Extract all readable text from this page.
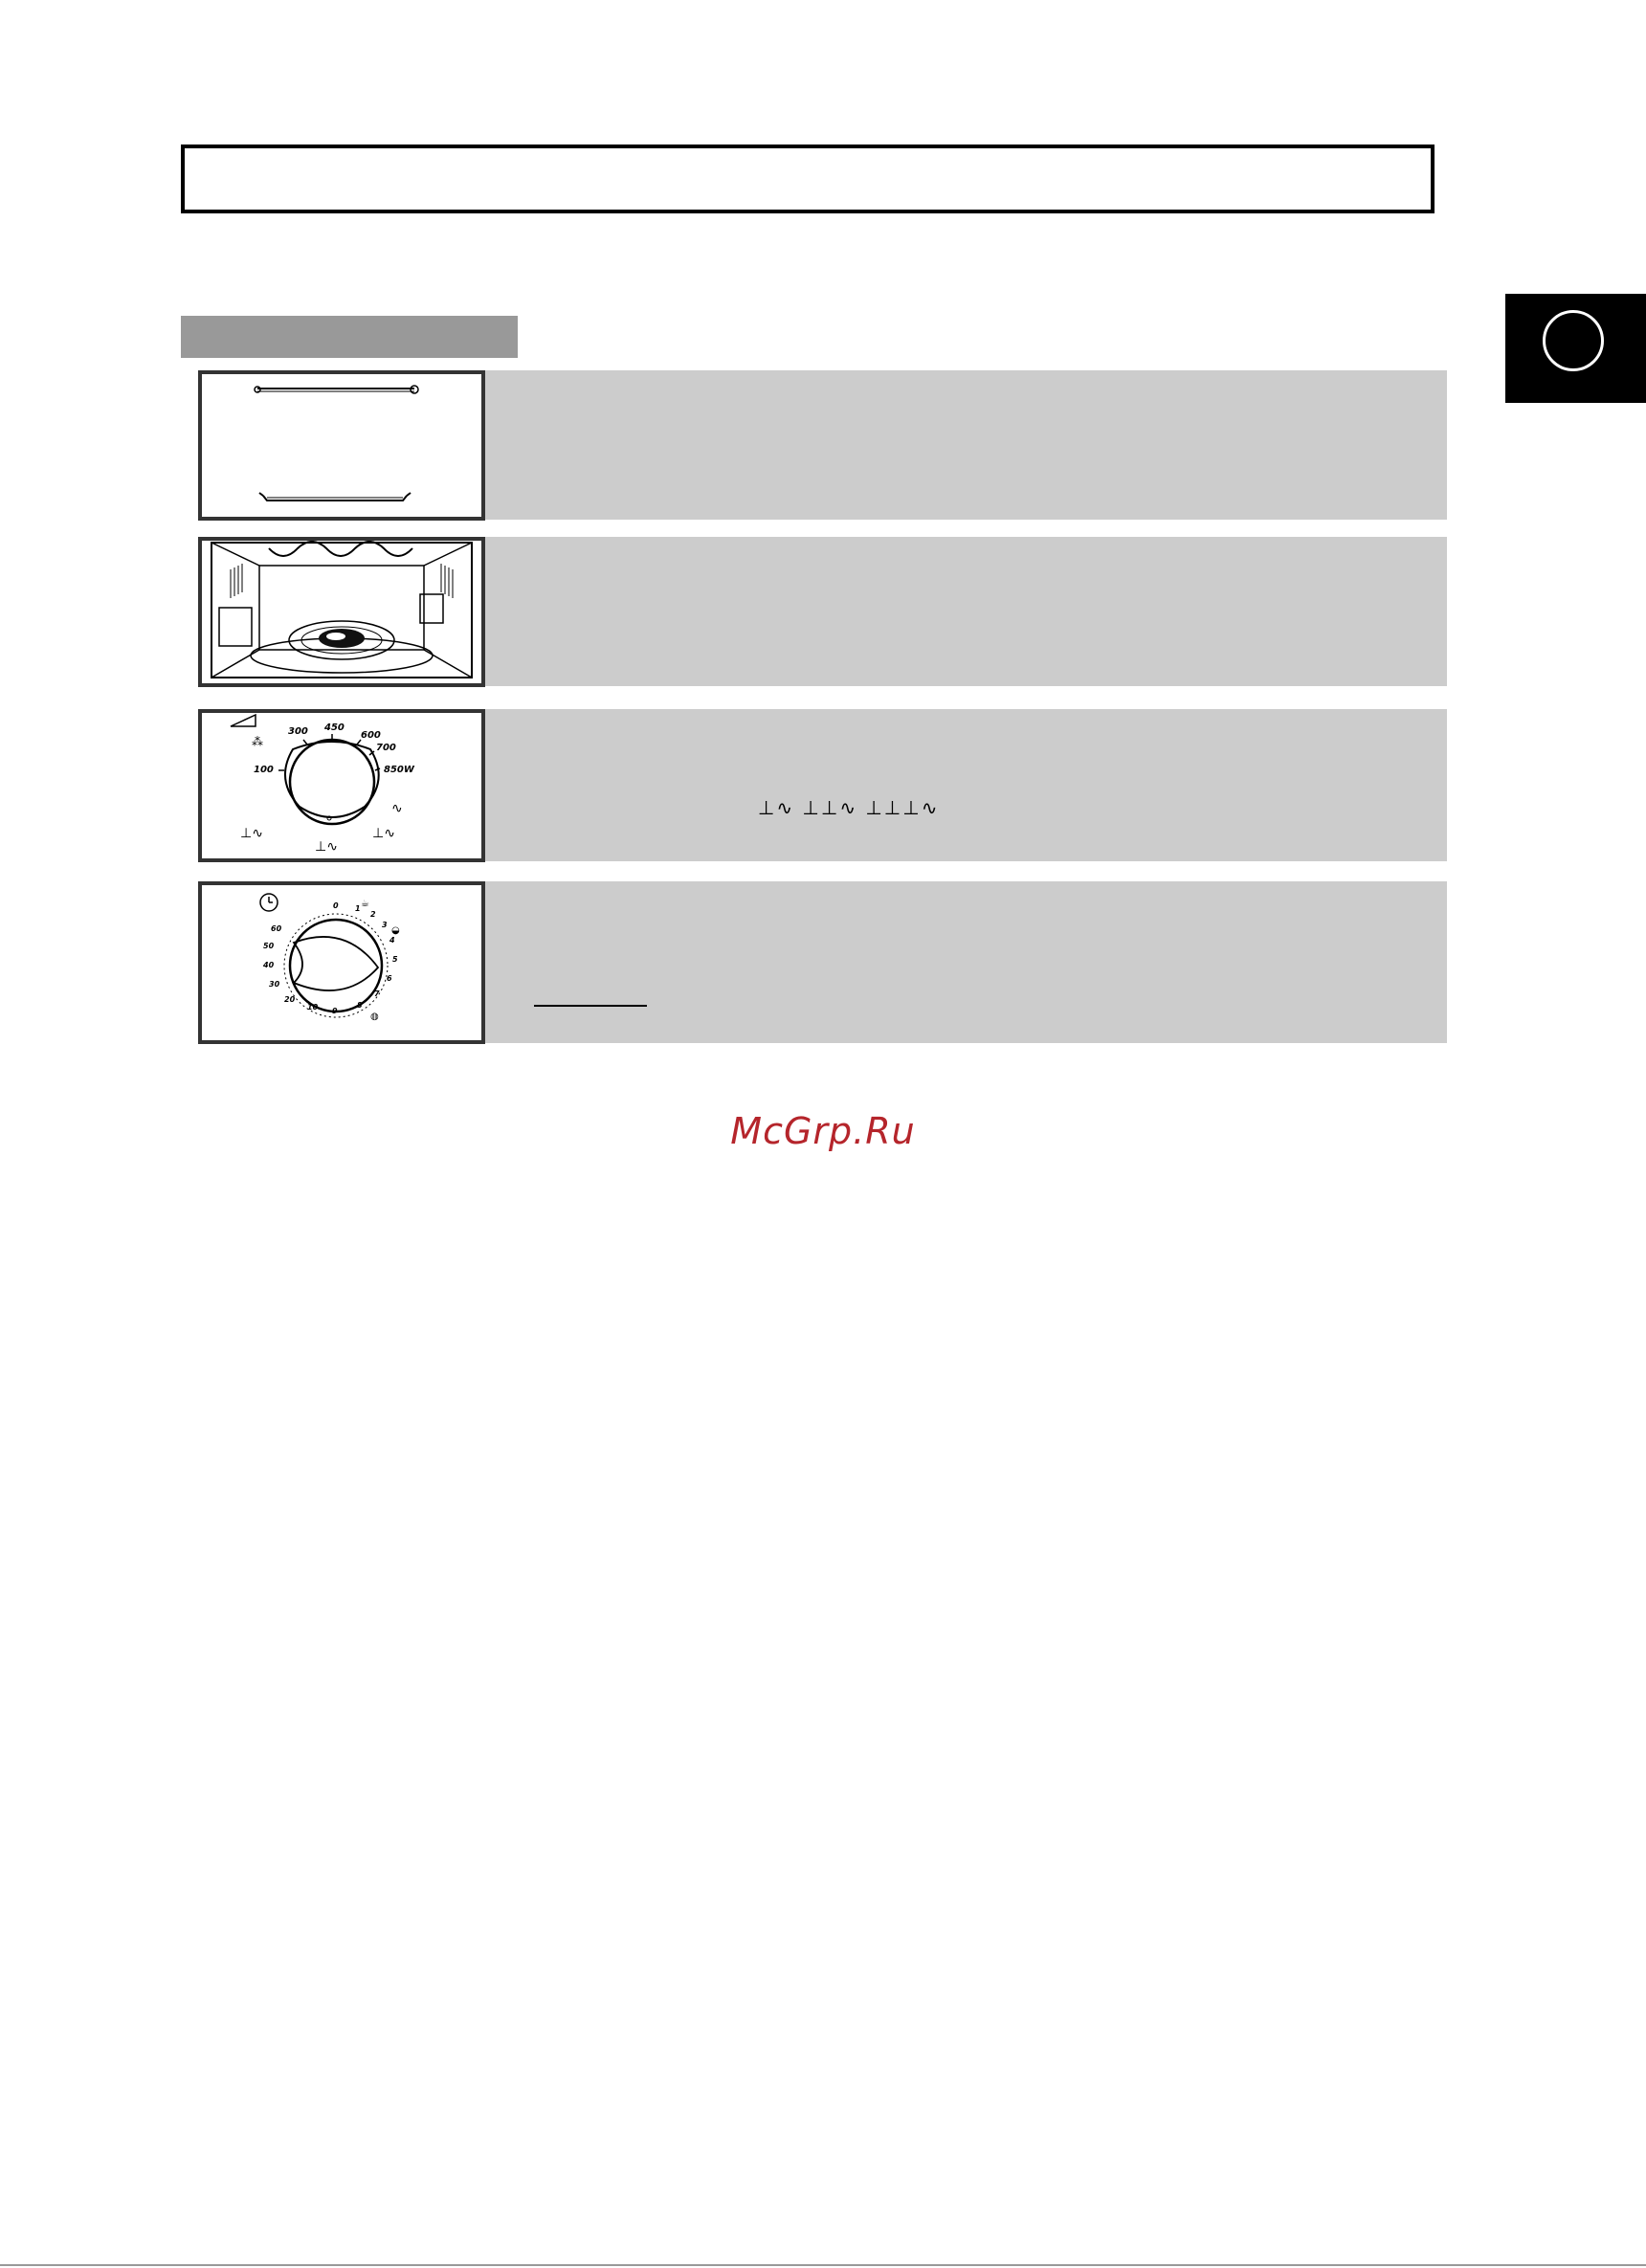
⁂
300 450
600
700
850W
100
⊥∿
⊥∿
⊥∿
∿	⊥∿ ⊥⊥∿ ⊥⊥⊥∿
0 1
2
3
4
5
6
7
8
9
10
20
30
40
50
60
☕
◒
◍
McGrp.Ru
